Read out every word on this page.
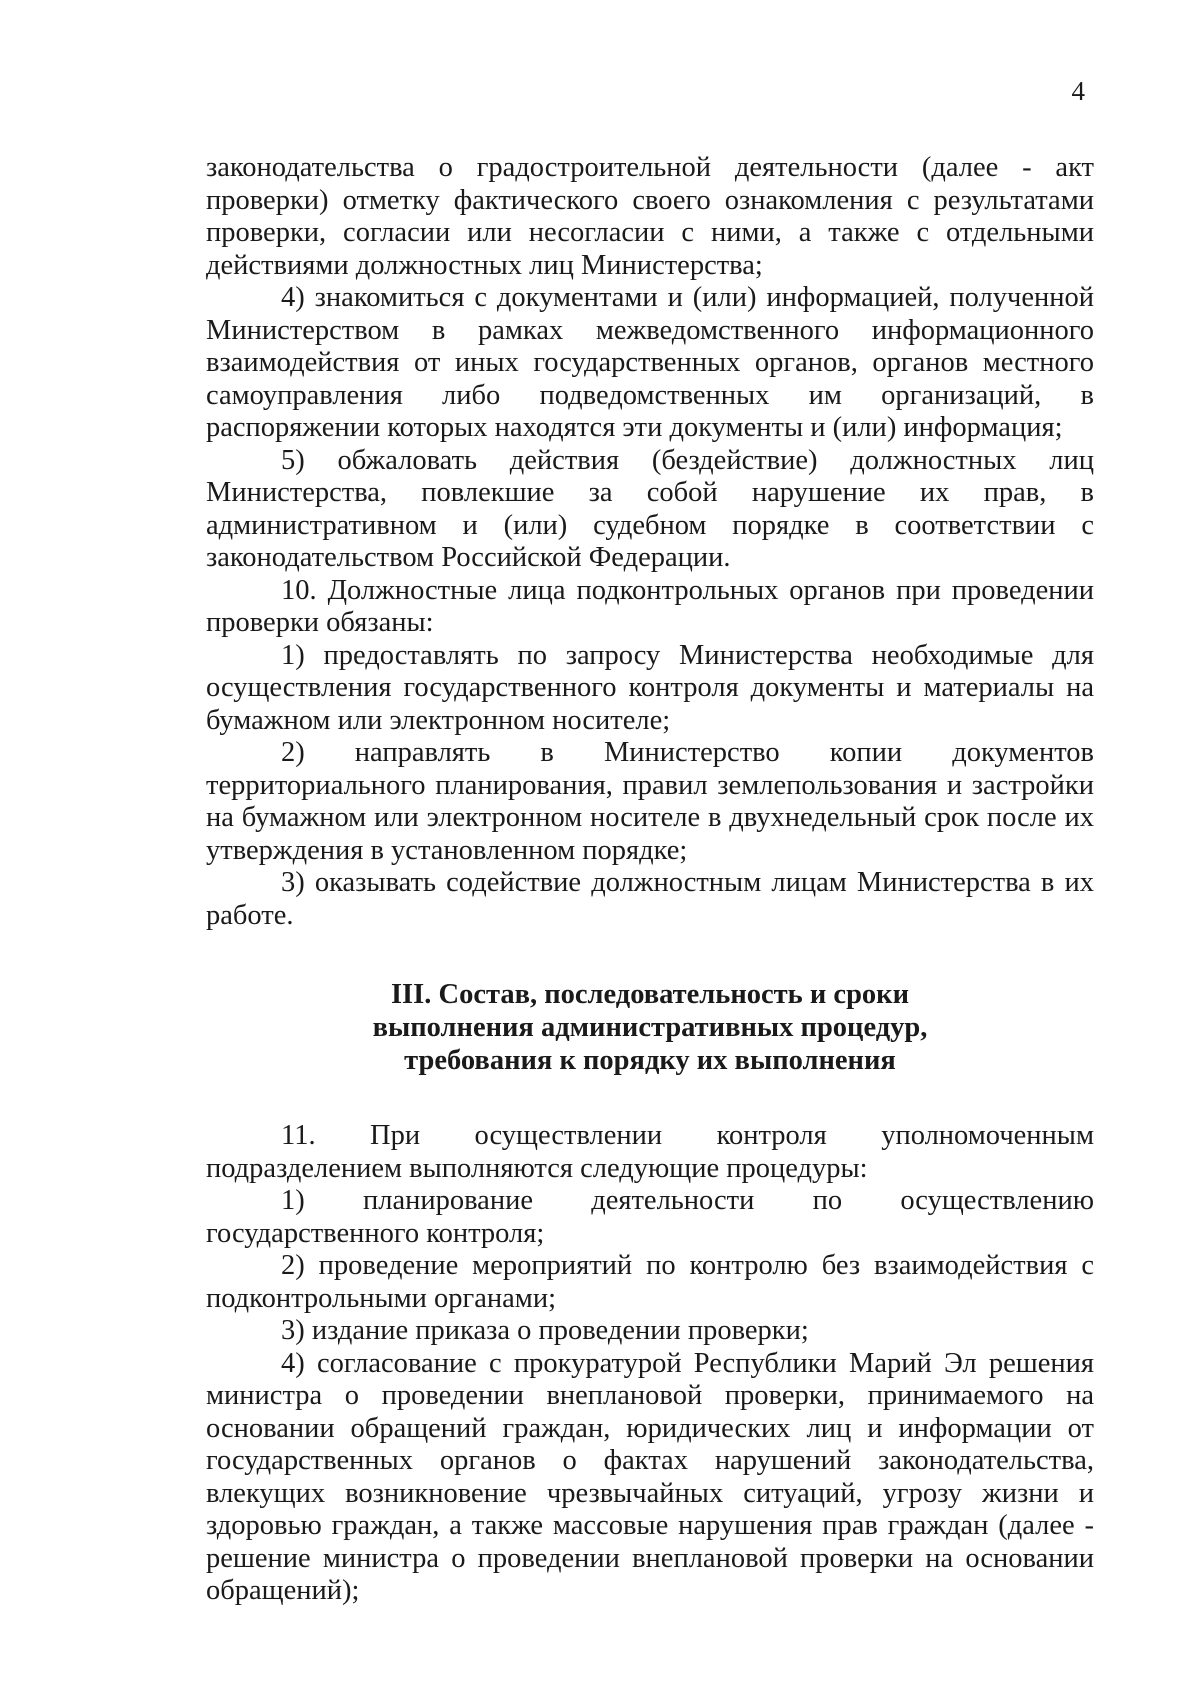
4

законодательства о градостроительной деятельности (далее - акт проверки) отметку фактического своего ознакомления с результатами проверки, согласии или несогласии с ними, а также с отдельными действиями должностных лиц Министерства;

4) знакомиться с документами и (или) информацией, полученной Министерством в рамках межведомственного информационного взаимодействия от иных государственных органов, органов местного самоуправления либо подведомственных им организаций, в распоряжении которых находятся эти документы и (или) информация;

5) обжаловать действия (бездействие) должностных лиц Министерства, повлекшие за собой нарушение их прав, в административном и (или) судебном порядке в соответствии с законодательством Российской Федерации.

10. Должностные лица подконтрольных органов при проведении проверки обязаны:

1) предоставлять по запросу Министерства необходимые для осуществления государственного контроля документы и материалы на бумажном или электронном носителе;

2) направлять в Министерство копии документов территориального планирования, правил землепользования и застройки на бумажном или электронном носителе в двухнедельный срок после их утверждения в установленном порядке;

3) оказывать содействие должностным лицам Министерства в их работе.

III. Состав, последовательность и сроки
выполнения административных процедур,
требования к порядку их выполнения

11. При осуществлении контроля уполномоченным подразделением выполняются следующие процедуры:

1) планирование деятельности по осуществлению государственного контроля;

2) проведение мероприятий по контролю без взаимодействия с подконтрольными органами;

3) издание приказа о проведении проверки;

4) согласование с прокуратурой Республики Марий Эл решения министра о проведении внеплановой проверки, принимаемого на основании обращений граждан, юридических лиц и информации от государственных органов о фактах нарушений законодательства, влекущих возникновение чрезвычайных ситуаций, угрозу жизни и здоровью граждан, а также массовые нарушения прав граждан (далее - решение министра о проведении внеплановой проверки на основании обращений);
